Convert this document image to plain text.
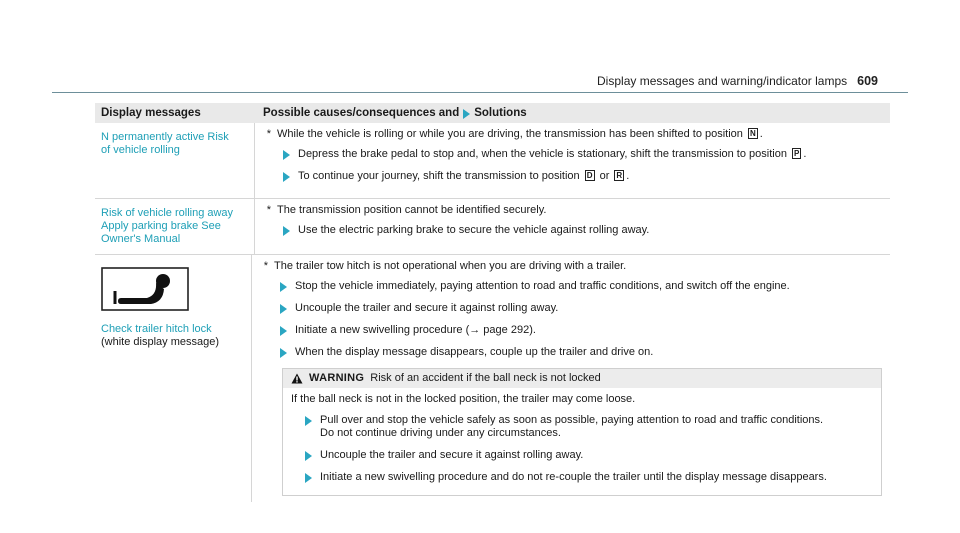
Display messages and warning/indicator lamps 609
Display messages	Possible causes/consequences and Solutions
N permanently active Risk
of vehicle rolling
* While the vehicle is rolling or while you are driving, the transmission has been shifted to position N .
Depress the brake pedal to stop and, when the vehicle is stationary, shift the transmission to position P .
To continue your journey, shift the transmission to position D or R .
Risk of vehicle rolling away
Apply parking brake See
Owner's Manual
* The transmission position cannot be identified securely.
Use the electric parking brake to secure the vehicle against rolling away.
Check trailer hitch lock
(white display message)
* The trailer tow hitch is not operational when you are driving with a trailer.
Stop the vehicle immediately, paying attention to road and traffic conditions, and switch off the engine.
Uncouple the trailer and secure it against rolling away.
Initiate a new swivelling procedure (→ page 292).
When the display message disappears, couple up the trailer and drive on.
WARNING Risk of an accident if the ball neck is not locked

If the ball neck is not in the locked position, the trailer may come loose.

Pull over and stop the vehicle safely as soon as possible, paying attention to road and traffic conditions.
Do not continue driving under any circumstances.
Uncouple the trailer and secure it against rolling away.
Initiate a new swivelling procedure and do not re-couple the trailer until the display message disappears.
